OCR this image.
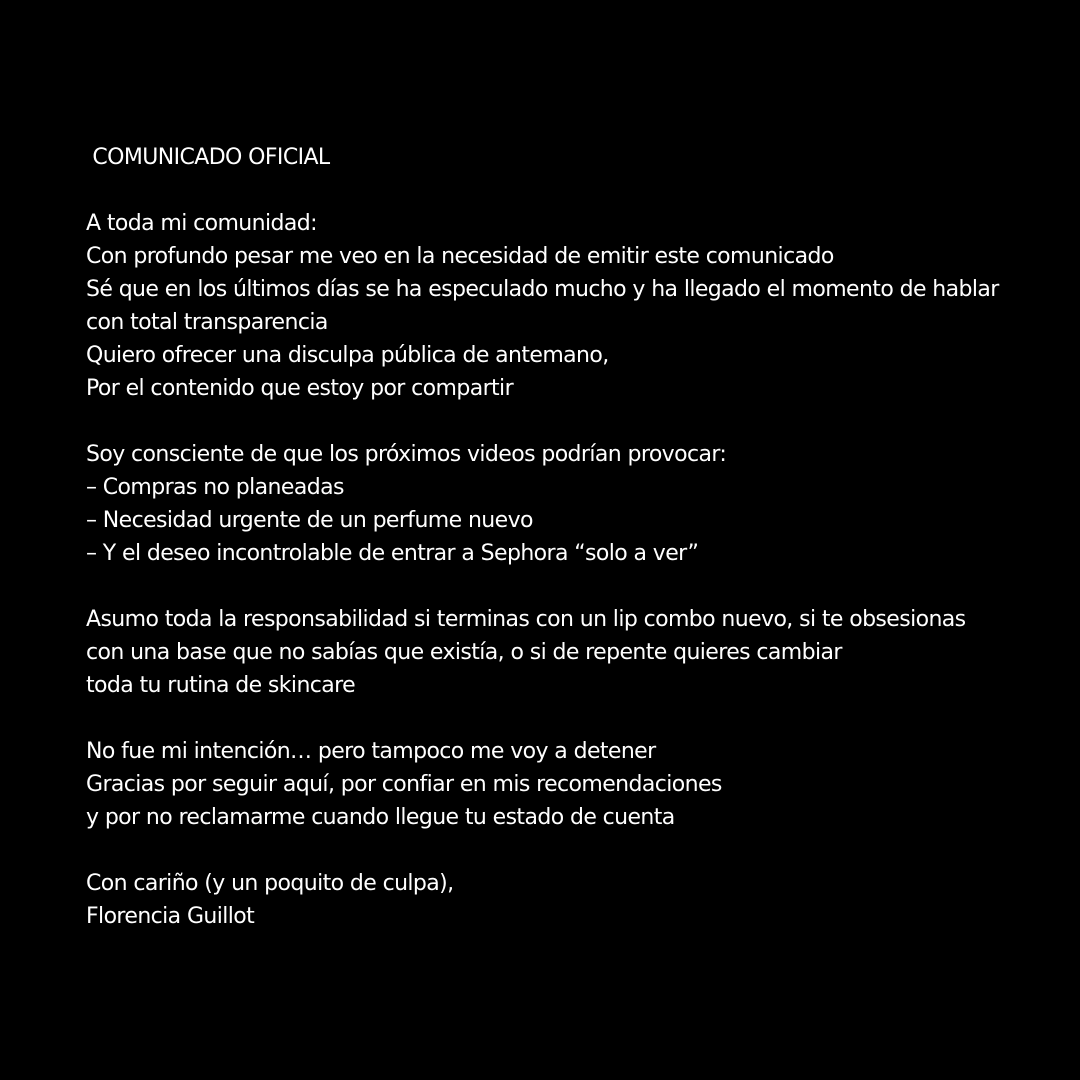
COMUNICADO OFICIAL
A toda mi comunidad:
Con profundo pesar me veo en la necesidad de emitir este comunicado
Sé que en los últimos días se ha especulado mucho y ha llegado el momento de hablar
con total transparencia
Quiero ofrecer una disculpa pública de antemano,
Por el contenido que estoy por compartir
Soy consciente de que los próximos videos podrían provocar:
– Compras no planeadas
– Necesidad urgente de un perfume nuevo
– Y el deseo incontrolable de entrar a Sephora “solo a ver”
Asumo toda la responsabilidad si terminas con un lip combo nuevo, si te obsesionas
con una base que no sabías que existía, o si de repente quieres cambiar
toda tu rutina de skincare
No fue mi intención… pero tampoco me voy a detener
Gracias por seguir aquí, por confiar en mis recomendaciones
y por no reclamarme cuando llegue tu estado de cuenta
Con cariño (y un poquito de culpa),
Florencia Guillot
